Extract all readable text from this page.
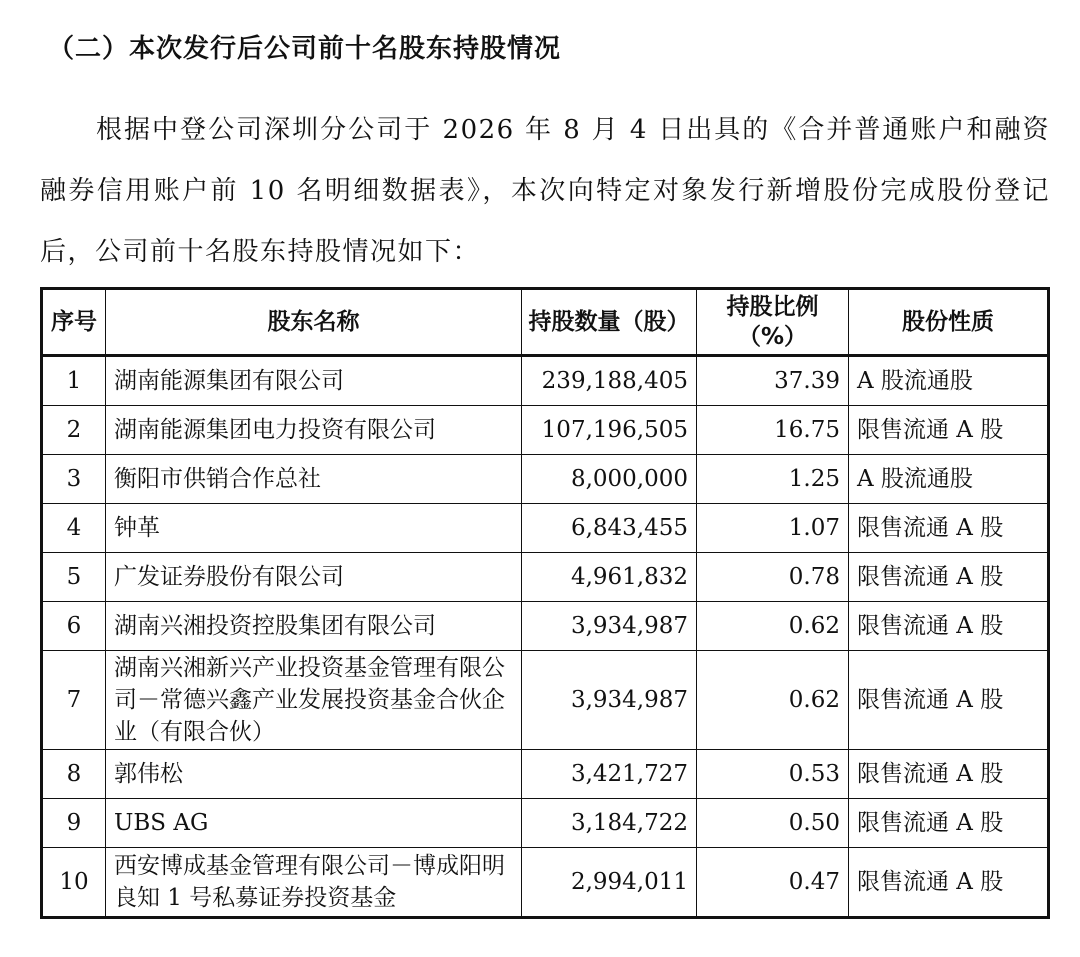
（二）本次发行后公司前十名股东持股情况
根据中登公司深圳分公司于 2026 年 8 月 4 日出具的《合并普通账户和融资融券信用账户前 10 名明细数据表》，本次向特定对象发行新增股份完成股份登记后，公司前十名股东持股情况如下：
序号	股东名称	持股数量（股）	持股比例（%）	股份性质
1	湖南能源集团有限公司	239,188,405	37.39	A 股流通股
2	湖南能源集团电力投资有限公司	107,196,505	16.75	限售流通 A 股
3	衡阳市供销合作总社	8,000,000	1.25	A 股流通股
4	钟革	6,843,455	1.07	限售流通 A 股
5	广发证券股份有限公司	4,961,832	0.78	限售流通 A 股
6	湖南兴湘投资控股集团有限公司	3,934,987	0.62	限售流通 A 股
7	湖南兴湘新兴产业投资基金管理有限公司－常德兴鑫产业发展投资基金合伙企业（有限合伙）	3,934,987	0.62	限售流通 A 股
8	郭伟松	3,421,727	0.53	限售流通 A 股
9	UBS AG	3,184,722	0.50	限售流通 A 股
10	西安博成基金管理有限公司－博成阳明良知 1 号私募证券投资基金	2,994,011	0.47	限售流通 A 股
